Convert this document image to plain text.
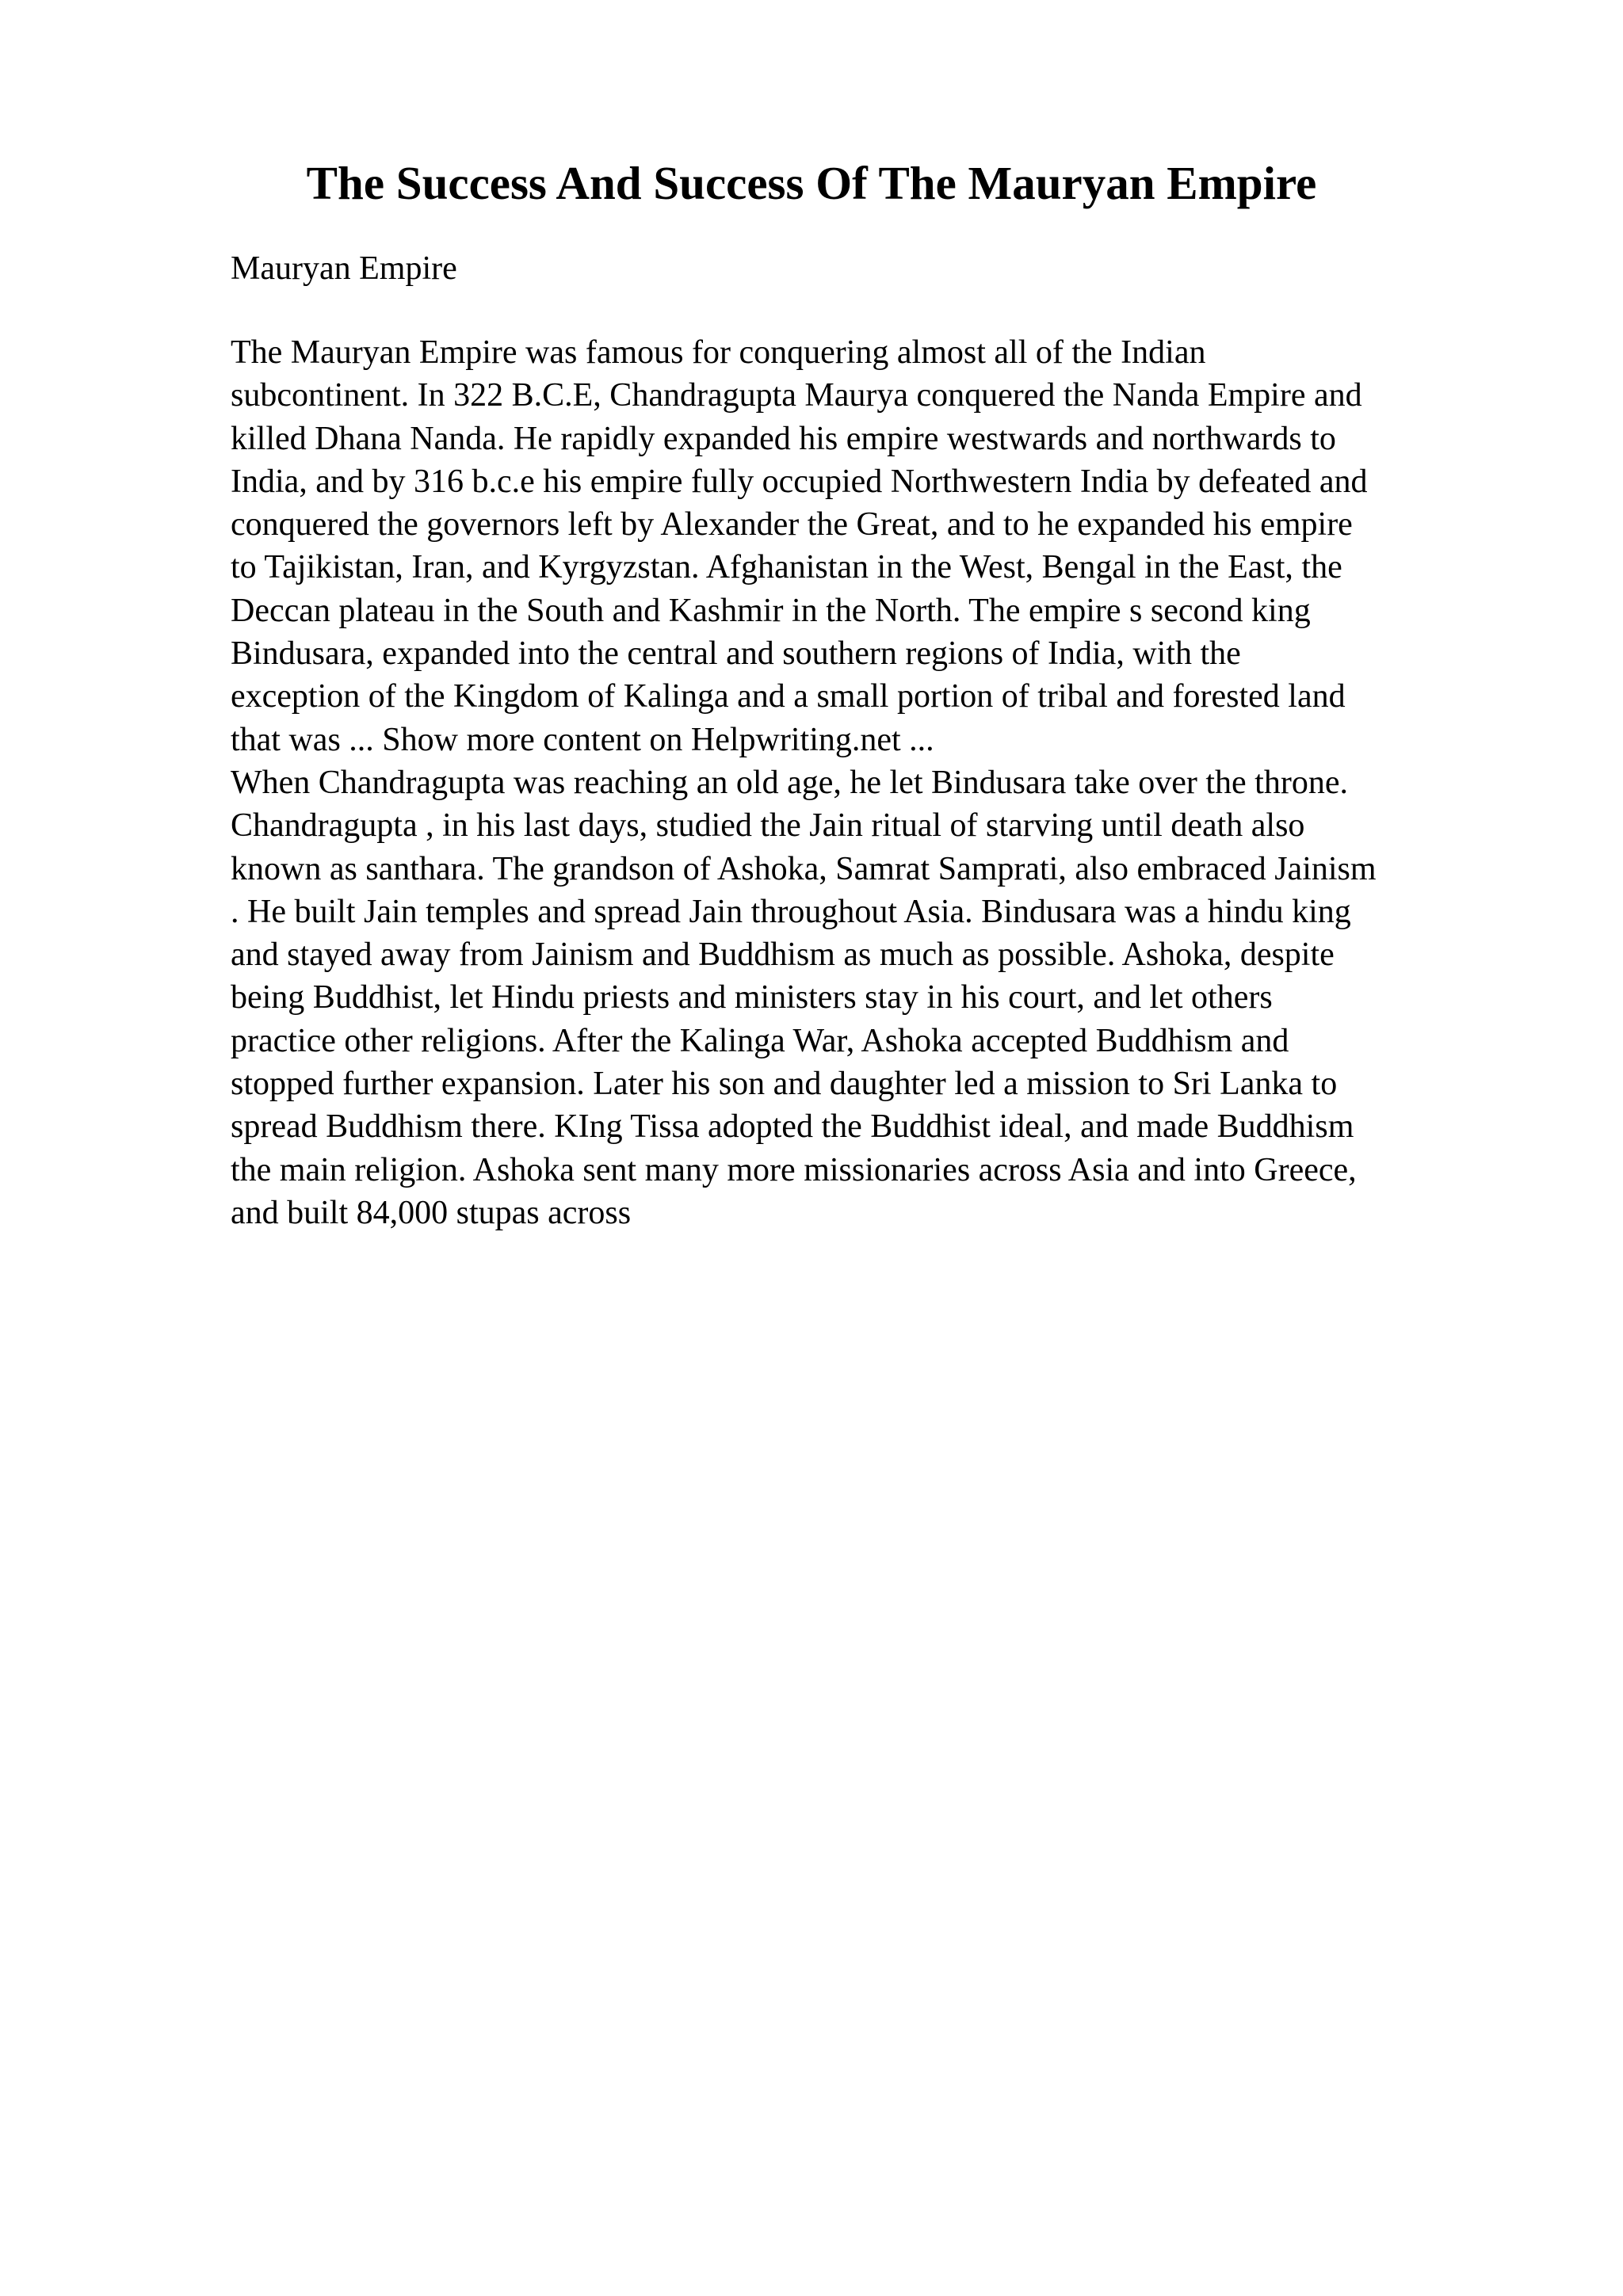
The Success And Success Of The Mauryan Empire

Mauryan Empire

The Mauryan Empire was famous for conquering almost all of the Indian
subcontinent. In 322 B.C.E, Chandragupta Maurya conquered the Nanda Empire and
killed Dhana Nanda. He rapidly expanded his empire westwards and northwards to
India, and by 316 b.c.e his empire fully occupied Northwestern India by defeated and
conquered the governors left by Alexander the Great, and to he expanded his empire
to Tajikistan, Iran, and Kyrgyzstan. Afghanistan in the West, Bengal in the East, the
Deccan plateau in the South and Kashmir in the North. The empire s second king
Bindusara, expanded into the central and southern regions of India, with the
exception of the Kingdom of Kalinga and a small portion of tribal and forested land
that was ... Show more content on Helpwriting.net ...
When Chandragupta was reaching an old age, he let Bindusara take over the throne.
Chandragupta , in his last days, studied the Jain ritual of starving until death also
known as santhara. The grandson of Ashoka, Samrat Samprati, also embraced Jainism
. He built Jain temples and spread Jain throughout Asia. Bindusara was a hindu king
and stayed away from Jainism and Buddhism as much as possible. Ashoka, despite
being Buddhist, let Hindu priests and ministers stay in his court, and let others
practice other religions. After the Kalinga War, Ashoka accepted Buddhism and
stopped further expansion. Later his son and daughter led a mission to Sri Lanka to
spread Buddhism there. KIng Tissa adopted the Buddhist ideal, and made Buddhism
the main religion. Ashoka sent many more missionaries across Asia and into Greece,
and built 84,000 stupas across
